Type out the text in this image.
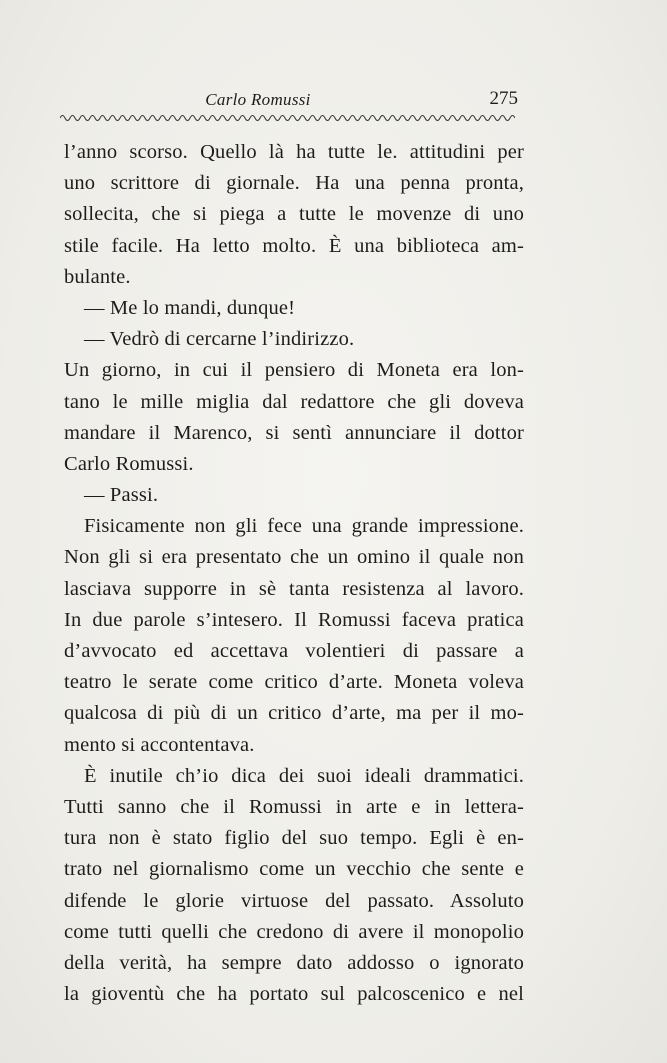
Carlo Romussi	275
l’anno scorso. Quello là ha tutte le. attitudini per
uno scrittore di giornale. Ha una penna pronta,
sollecita, che si piega a tutte le movenze di uno
stile facile. Ha letto molto. È una biblioteca am-
bulante.
— Me lo mandi, dunque!
— Vedrò di cercarne l’indirizzo.
Un giorno, in cui il pensiero di Moneta era lon-
tano le mille miglia dal redattore che gli doveva
mandare il Marenco, si sentì annunciare il dottor
Carlo Romussi.
— Passi.
Fisicamente non gli fece una grande impressione.
Non gli si era presentato che un omino il quale non
lasciava supporre in sè tanta resistenza al lavoro.
In due parole s’intesero. Il Romussi faceva pratica
d’avvocato ed accettava volentieri di passare a
teatro le serate come critico d’arte. Moneta voleva
qualcosa di più di un critico d’arte, ma per il mo-
mento si accontentava.
È inutile ch’io dica dei suoi ideali drammatici.
Tutti sanno che il Romussi in arte e in lettera-
tura non è stato figlio del suo tempo. Egli è en-
trato nel giornalismo come un vecchio che sente e
difende le glorie virtuose del passato. Assoluto
come tutti quelli che credono di avere il monopolio
della verità, ha sempre dato addosso o ignorato
la gioventù che ha portato sul palcoscenico e nel
